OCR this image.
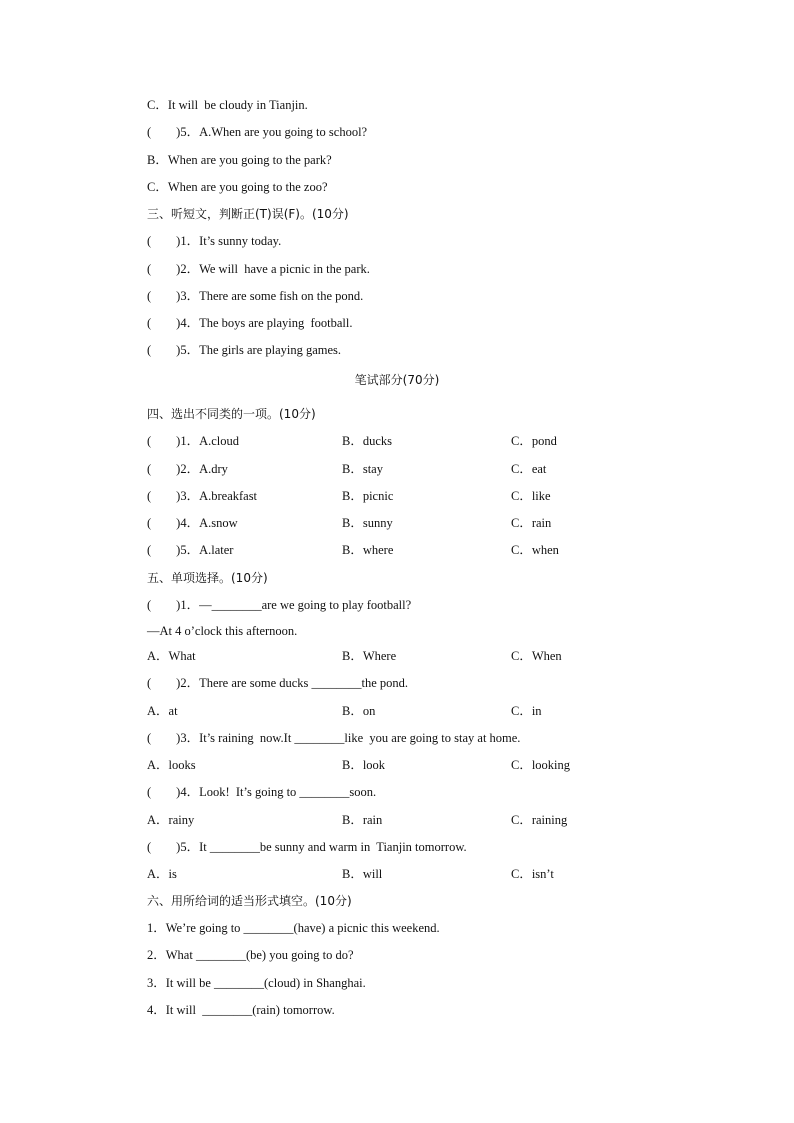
C．It will  be cloudy in Tianjin.
(　　)5．A.When are you going to school?
B．When are you going to the park?
C．When are you going to the zoo?
三、听短文，判断正(T)误(F)。(10分)
(　　)1．It’s sunny today.
(　　)2．We will  have a picnic in the park.
(　　)3．There are some fish on the pond.
(　　)4．The boys are playing  football.
(　　)5．The girls are playing games.
笔试部分(70分)
四、选出不同类的一项。(10分)
(　　)1．A.cloud	B．ducks	C．pond
(　　)2．A.dry	B．stay	C．eat
(　　)3．A.breakfast	B．picnic	C．like
(　　)4．A.snow	B．sunny	C．rain
(　　)5．A.later	B．where	C．when
五、单项选择。(10分)
(　　)1．—________are we going to play football?
—At 4 o’clock this afternoon.
A．What	B．Where	C．When
(　　)2．There are some ducks ________the pond.
A．at	B．on	C．in
(　　)3．It’s raining  now.It ________like  you are going to stay at home.
A．looks	B．look	C．looking
(　　)4．Look!  It’s going to ________soon.
A．rainy	B．rain	C．raining
(　　)5．It ________be sunny and warm in  Tianjin tomorrow.
A．is	B．will	C．isn’t
六、用所给词的适当形式填空。(10分)
1．We’re going to ________(have) a picnic this weekend.
2．What ________(be) you going to do?
3．It will be ________(cloud) in Shanghai.
4．It will  ________(rain) tomorrow.
